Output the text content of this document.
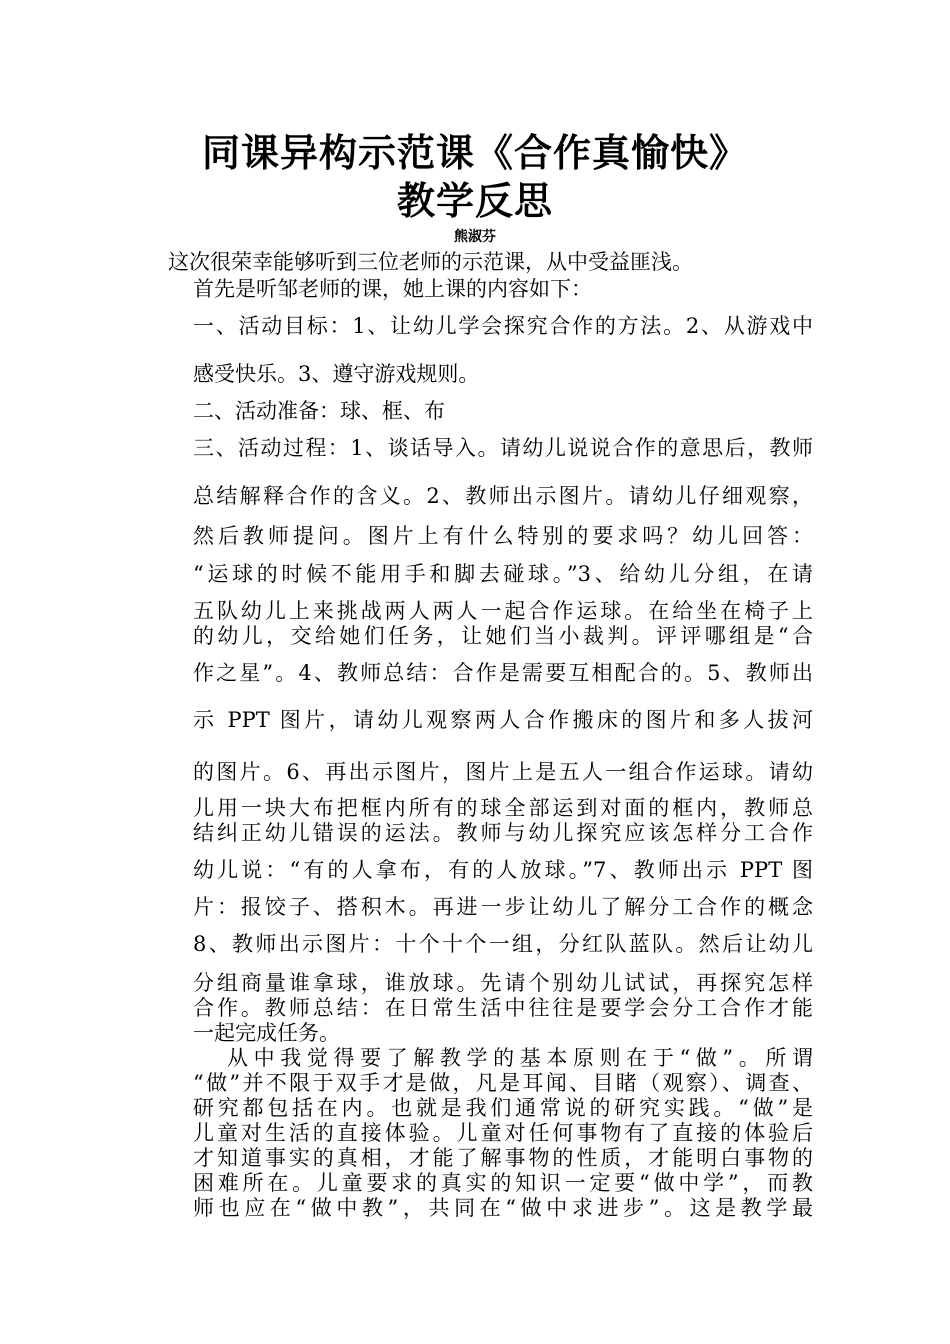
同课异构示范课《合作真愉快》
教学反思
熊淑芬
这次很荣幸能够听到三位老师的示范课，从中受益匪浅。
首先是听邹老师的课，她上课的内容如下：
一、活动目标：1、让幼儿学会探究合作的方法。2、从游戏中
感受快乐。3、遵守游戏规则。
二、活动准备：球、框、布
三、活动过程：1、谈话导入。请幼儿说说合作的意思后，教师
总结解释合作的含义。2、教师出示图片。请幼儿仔细观察，
然后教师提问。图片上有什么特别的要求吗？幼儿回答：
“运球的时候不能用手和脚去碰球。”3、给幼儿分组，在请
五队幼儿上来挑战两人两人一起合作运球。在给坐在椅子上
的幼儿，交给她们任务，让她们当小裁判。评评哪组是“合
作之星”。4、教师总结：合作是需要互相配合的。5、教师出
示 PPT 图片，请幼儿观察两人合作搬床的图片和多人拔河
的图片。6、再出示图片，图片上是五人一组合作运球。请幼
儿用一块大布把框内所有的球全部运到对面的框内，教师总
结纠正幼儿错误的运法。教师与幼儿探究应该怎样分工合作
幼儿说：“有的人拿布，有的人放球。”7、教师出示 PPT 图
片：报饺子、搭积木。再进一步让幼儿了解分工合作的概念
8、教师出示图片：十个十个一组，分红队蓝队。然后让幼儿
分组商量谁拿球，谁放球。先请个别幼儿试试，再探究怎样
合作。教师总结：在日常生活中往往是要学会分工合作才能
一起完成任务。
从中我觉得要了解教学的基本原则在于“做”。所谓
“做”并不限于双手才是做，凡是耳闻、目睹（观察）、调查、
研究都包括在内。也就是我们通常说的研究实践。“做”是
儿童对生活的直接体验。儿童对任何事物有了直接的体验后
才知道事实的真相，才能了解事物的性质，才能明白事物的
困难所在。儿童要求的真实的知识一定要“做中学”，而教
师也应在“做中教”，共同在“做中求进步”。这是教学最
